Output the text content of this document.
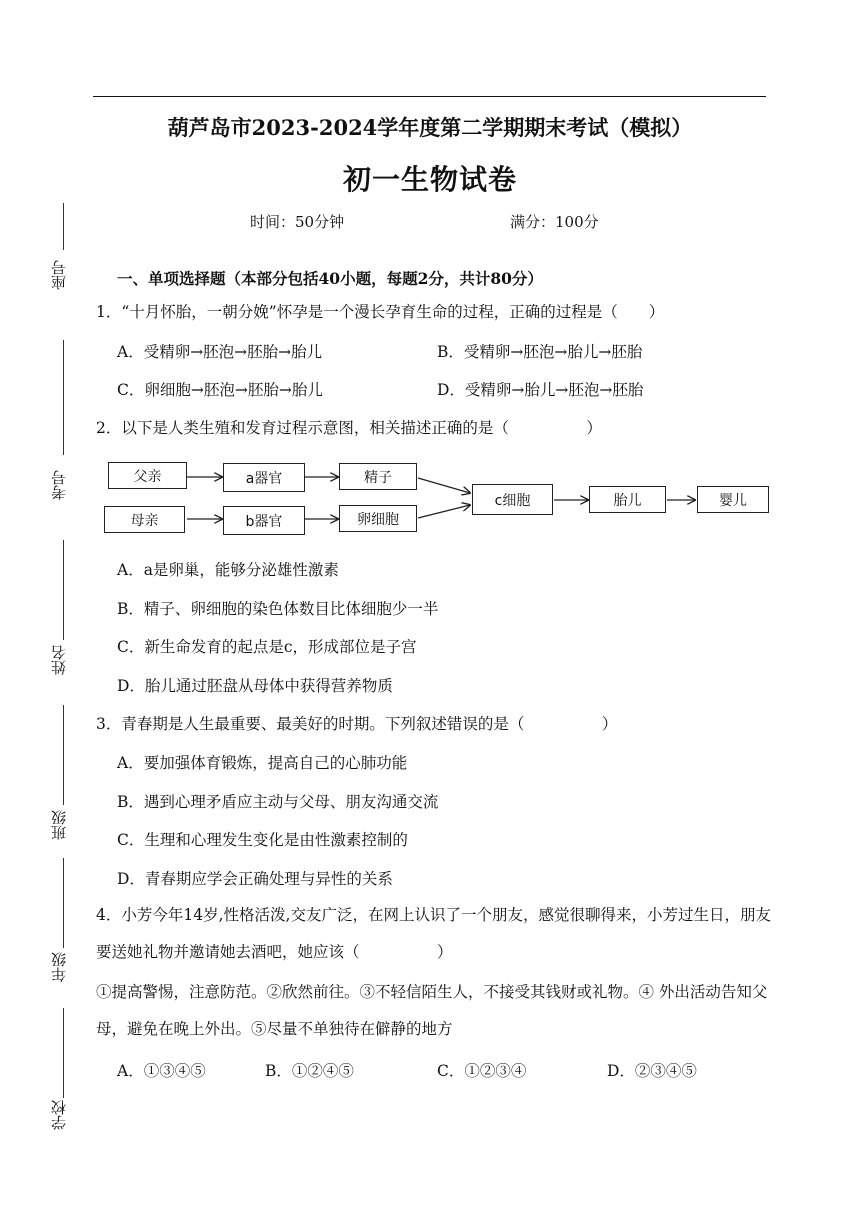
葫芦岛市2023-2024学年度第二学期期末考试（模拟）
初一生物试卷
时间：50分钟	满分：100分
座号
考号
姓名
班级
年级
学校
一、单项选择题（本部分包括40小题，每题2分，共计80分）
1．“十月怀胎，一朝分娩”怀孕是一个漫长孕育生命的过程，正确的过程是（　　）
A．受精卵→胚泡→胚胎→胎儿	B．受精卵→胚泡→胎儿→胚胎
C．卵细胞→胚泡→胚胎→胎儿	D．受精卵→胎儿→胚泡→胚胎
2．以下是人类生殖和发育过程示意图，相关描述正确的是（　　　　　）
父亲
母亲
a器官
b器官
精子
卵细胞
c细胞	胎儿	婴儿
A．a是卵巢，能够分泌雄性激素
B．精子、卵细胞的染色体数目比体细胞少一半
C．新生命发育的起点是c，形成部位是子宫
D．胎儿通过胚盘从母体中获得营养物质
3．青春期是人生最重要、最美好的时期。下列叙述错误的是（　　　　　）
A．要加强体育锻炼，提高自己的心肺功能
B．遇到心理矛盾应主动与父母、朋友沟通交流
C．生理和心理发生变化是由性激素控制的
D．青春期应学会正确处理与异性的关系
4．小芳今年14岁,性格活泼,交友广泛，在网上认识了一个朋友，感觉很聊得来，小芳过生日，朋友要送她礼物并邀请她去酒吧，她应该（　　　　　）
①提高警惕，注意防范。②欣然前往。③不轻信陌生人，不接受其钱财或礼物。④ 外出活动告知父母，避免在晚上外出。⑤尽量不单独待在僻静的地方
A．①③④⑤	B．①②④⑤	C．①②③④	D．②③④⑤
